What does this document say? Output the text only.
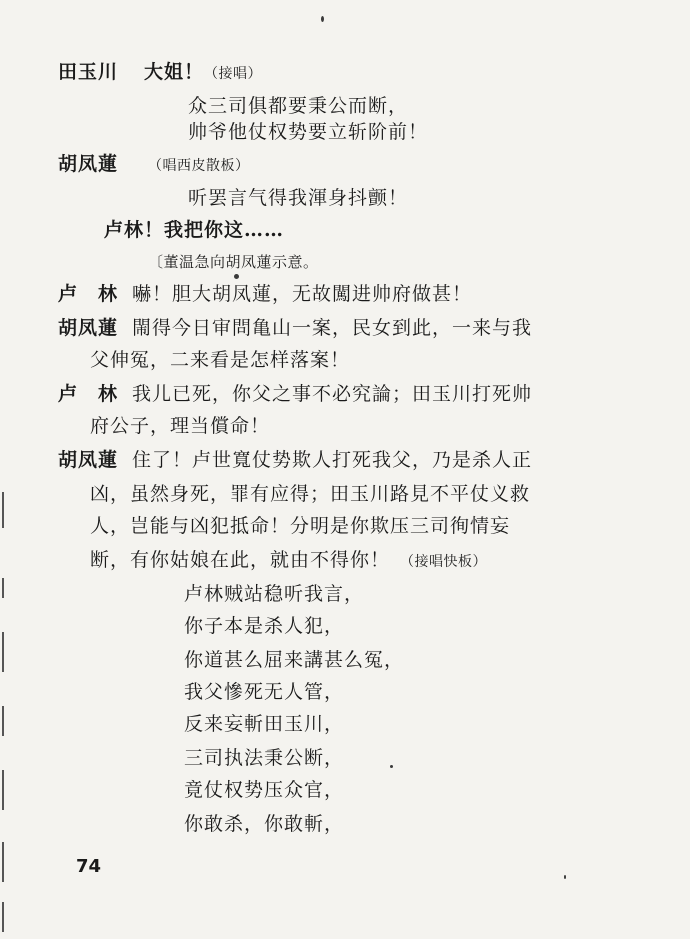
田玉川 大姐！（接唱）
众三司俱都要秉公而断，
帅爷他仗权势要立斩阶前！
胡凤蓮 （唱西皮散板）
听罢言气得我渾身抖颤！
卢林！我把你这……
〔董温急向胡凤蓮示意。
卢　林 嚇！胆大胡凤蓮，无故闖进帅府做甚！
胡凤蓮 閙得今日审問亀山一案，民女到此，一来与我
父伸冤，二来看是怎样落案！
卢　林 我儿已死，你父之事不必究論；田玉川打死帅
府公子，理当償命！
胡凤蓮 住了！卢世寬仗势欺人打死我父，乃是杀人正
凶，虽然身死，罪有应得；田玉川路見不平仗义救
人，岂能与凶犯抵命！分明是你欺压三司徇情妄
断，有你姑娘在此，就由不得你！ （接唱快板）
卢林贼站稳听我言，
你子本是杀人犯，
你道甚么屈来講甚么冤，
我父慘死无人管，
反来妄斬田玉川，
三司执法秉公断，
竟仗权势压众官，
你敢杀，你敢斬，
74
